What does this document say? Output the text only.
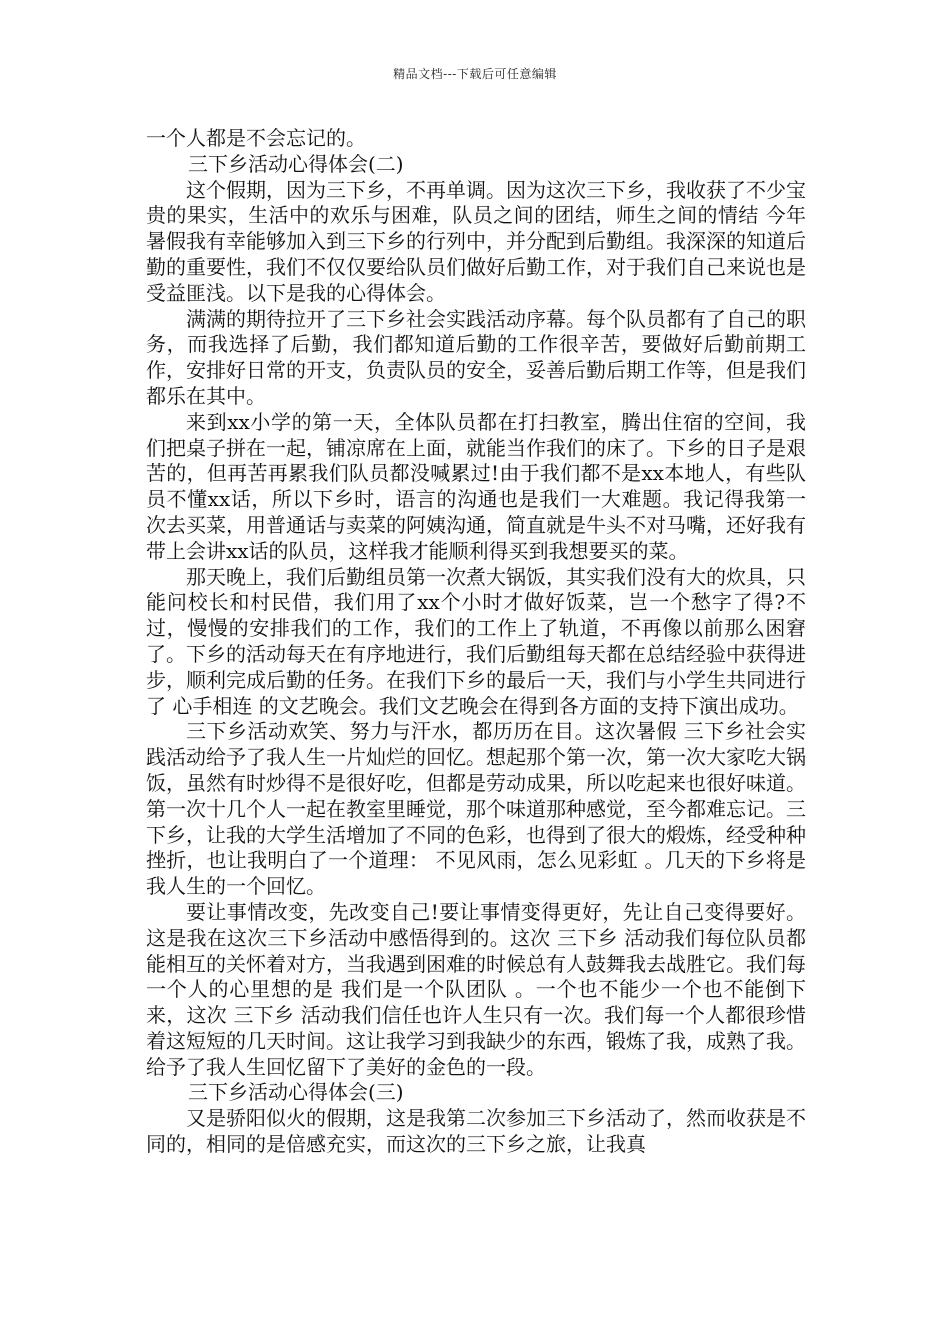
精品文档---下载后可任意编辑

一个人都是不会忘记的。

三下乡活动心得体会(二)

这个假期，因为三下乡，不再单调。因为这次三下乡，我收获了不少宝贵的果实，生活中的欢乐与困难，队员之间的团结，师生之间的情结 今年暑假我有幸能够加入到三下乡的行列中，并分配到后勤组。我深深的知道后勤的重要性，我们不仅仅要给队员们做好后勤工作，对于我们自己来说也是受益匪浅。以下是我的心得体会。

满满的期待拉开了三下乡社会实践活动序幕。每个队员都有了自己的职务，而我选择了后勤，我们都知道后勤的工作很辛苦，要做好后勤前期工作，安排好日常的开支，负责队员的安全，妥善后勤后期工作等，但是我们都乐在其中。

来到xx小学的第一天，全体队员都在打扫教室，腾出住宿的空间，我们把桌子拼在一起，铺凉席在上面，就能当作我们的床了。下乡的日子是艰苦的，但再苦再累我们队员都没喊累过!由于我们都不是xx本地人，有些队员不懂xx话，所以下乡时，语言的沟通也是我们一大难题。我记得我第一次去买菜，用普通话与卖菜的阿姨沟通，简直就是牛头不对马嘴，还好我有带上会讲xx话的队员，这样我才能顺利得买到我想要买的菜。

那天晚上，我们后勤组员第一次煮大锅饭，其实我们没有大的炊具，只能问校长和村民借，我们用了xx个小时才做好饭菜，岂一个愁字了得?不过，慢慢的安排我们的工作，我们的工作上了轨道，不再像以前那么困窘了。下乡的活动每天在有序地进行，我们后勤组每天都在总结经验中获得进步，顺利完成后勤的任务。在我们下乡的最后一天，我们与小学生共同进行了 心手相连 的文艺晚会。我们文艺晚会在得到各方面的支持下演出成功。

三下乡活动欢笑、努力与汗水，都历历在目。这次暑假 三下乡社会实践活动给予了我人生一片灿烂的回忆。想起那个第一次，第一次大家吃大锅饭，虽然有时炒得不是很好吃，但都是劳动成果，所以吃起来也很好味道。第一次十几个人一起在教室里睡觉，那个味道那种感觉，至今都难忘记。三下乡，让我的大学生活增加了不同的色彩，也得到了很大的煅炼，经受种种挫折，也让我明白了一个道理： 不见风雨，怎么见彩虹 。几天的下乡将是我人生的一个回忆。

要让事情改变，先改变自己!要让事情变得更好，先让自己变得要好。 这是我在这次三下乡活动中感悟得到的。这次 三下乡 活动我们每位队员都能相互的关怀着对方，当我遇到困难的时候总有人鼓舞我去战胜它。我们每一个人的心里想的是 我们是一个队团队 。一个也不能少一个也不能倒下来，这次 三下乡 活动我们信任也许人生只有一次。我们每一个人都很珍惜着这短短的几天时间。这让我学习到我缺少的东西，锻炼了我，成熟了我。给予了我人生回忆留下了美好的金色的一段。

三下乡活动心得体会(三)

又是骄阳似火的假期，这是我第二次参加三下乡活动了，然而收获是不同的，相同的是倍感充实，而这次的三下乡之旅，让我真
